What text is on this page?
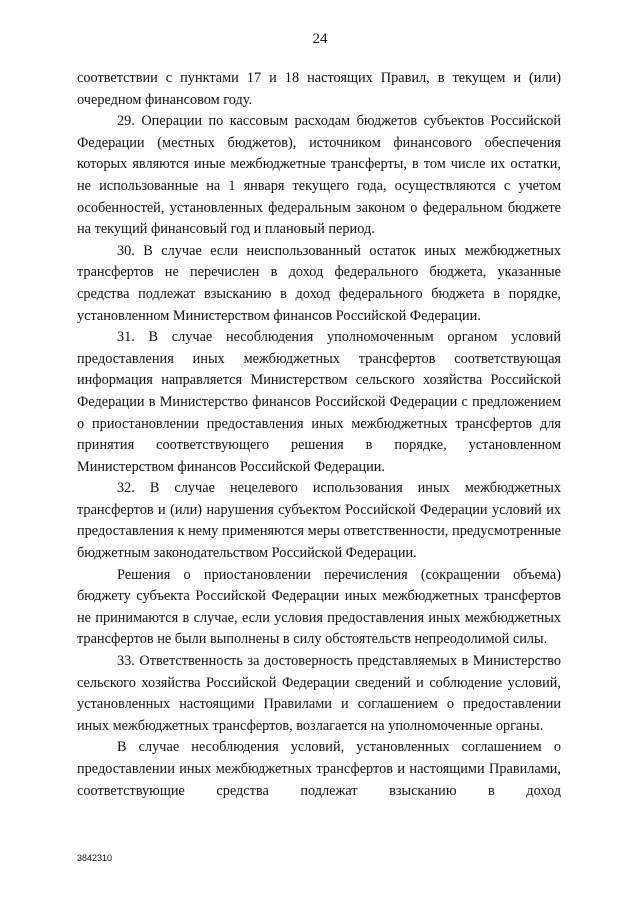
24

соответствии с пунктами 17 и 18 настоящих Правил, в текущем и (или) очередном финансовом году.

29. Операции по кассовым расходам бюджетов субъектов Российской Федерации (местных бюджетов), источником финансового обеспечения которых являются иные межбюджетные трансферты, в том числе их остатки, не использованные на 1 января текущего года, осуществляются с учетом особенностей, установленных федеральным законом о федеральном бюджете на текущий финансовый год и плановый период.

30. В случае если неиспользованный остаток иных межбюджетных трансфертов не перечислен в доход федерального бюджета, указанные средства подлежат взысканию в доход федерального бюджета в порядке, установленном Министерством финансов Российской Федерации.

31. В случае несоблюдения уполномоченным органом условий предоставления иных межбюджетных трансфертов соответствующая информация направляется Министерством сельского хозяйства Российской Федерации в Министерство финансов Российской Федерации с предложением о приостановлении предоставления иных межбюджетных трансфертов для принятия соответствующего решения в порядке, установленном Министерством финансов Российской Федерации.

32. В случае нецелевого использования иных межбюджетных трансфертов и (или) нарушения субъектом Российской Федерации условий их предоставления к нему применяются меры ответственности, предусмотренные бюджетным законодательством Российской Федерации.

Решения о приостановлении перечисления (сокращении объема) бюджету субъекта Российской Федерации иных межбюджетных трансфертов не принимаются в случае, если условия предоставления иных межбюджетных трансфертов не были выполнены в силу обстоятельств непреодолимой силы.

33. Ответственность за достоверность представляемых в Министерство сельского хозяйства Российской Федерации сведений и соблюдение условий, установленных настоящими Правилами и соглашением о предоставлении иных межбюджетных трансфертов, возлагается на уполномоченные органы.

В случае несоблюдения условий, установленных соглашением о предоставлении иных межбюджетных трансфертов и настоящими Правилами, соответствующие средства подлежат взысканию в доход

3842310
